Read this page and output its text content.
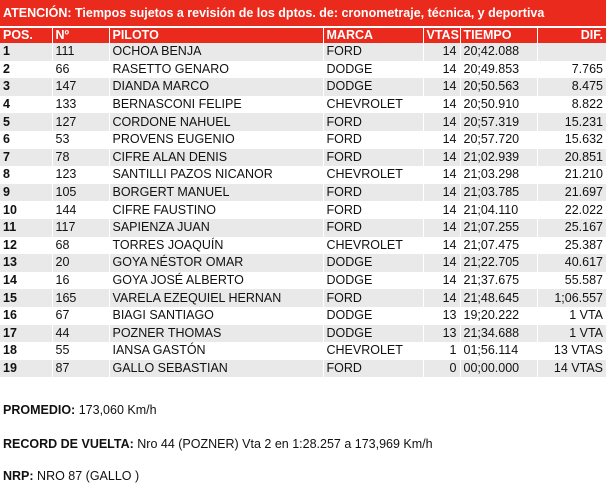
ATENCIÓN: Tiempos sujetos a revisión de los dptos. de: cronometraje, técnica, y deportiva
POS.	Nº	PILOTO	MARCA	VTAS	TIEMPO	DIF.
1	111	OCHOA BENJA	FORD	14	20;42.088	
2	66	RASETTO GENARO	DODGE	14	20;49.853	7.765
3	147	DIANDA MARCO	DODGE	14	20;50.563	8.475
4	133	BERNASCONI FELIPE	CHEVROLET	14	20;50.910	8.822
5	127	CORDONE NAHUEL	FORD	14	20;57.319	15.231
6	53	PROVENS EUGENIO	FORD	14	20;57.720	15.632
7	78	CIFRE ALAN DENIS	FORD	14	21;02.939	20.851
8	123	SANTILLI PAZOS NICANOR	CHEVROLET	14	21;03.298	21.210
9	105	BORGERT MANUEL	FORD	14	21;03.785	21.697
10	144	CIFRE FAUSTINO	FORD	14	21;04.110	22.022
11	117	SAPIENZA JUAN	FORD	14	21;07.255	25.167
12	68	TORRES JOAQUÍN	CHEVROLET	14	21;07.475	25.387
13	20	GOYA NÉSTOR OMAR	DODGE	14	21;22.705	40.617
14	16	GOYA JOSÉ ALBERTO	DODGE	14	21;37.675	55.587
15	165	VARELA EZEQUIEL HERNAN	FORD	14	21;48.645	1;06.557
16	67	BIAGI SANTIAGO	DODGE	13	19;20.222	1 VTA
17	44	POZNER THOMAS	DODGE	13	21;34.688	1 VTA
18	55	IANSA GASTÓN	CHEVROLET	1	01;56.114	13 VTAS
19	87	GALLO SEBASTIAN	FORD	0	00;00.000	14 VTAS
PROMEDIO: 173,060 Km/h
RECORD DE VUELTA: Nro 44 (POZNER) Vta 2 en 1:28.257 a 173,969 Km/h
NRP: NRO 87 (GALLO )
